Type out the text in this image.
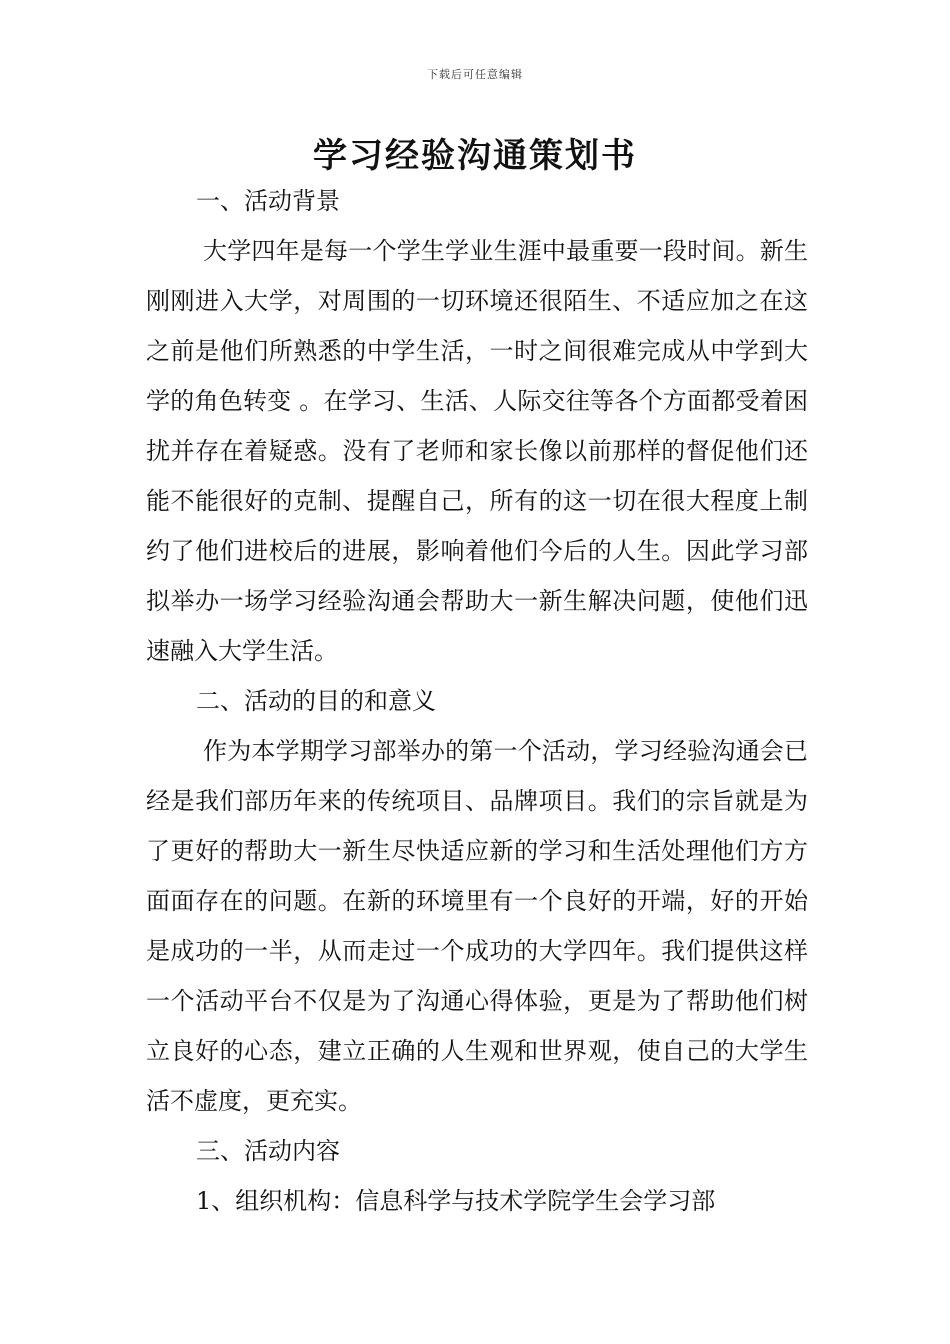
下载后可任意编辑
学习经验沟通策划书
一、活动背景

大学四年是每一个学生学业生涯中最重要一段时间。新生刚刚进入大学，对周围的一切环境还很陌生、不适应加之在这之前是他们所熟悉的中学生活，一时之间很难完成从中学到大学的角色转变 。在学习、生活、人际交往等各个方面都受着困扰并存在着疑惑。没有了老师和家长像以前那样的督促他们还能不能很好的克制、提醒自己，所有的这一切在很大程度上制约了他们进校后的进展，影响着他们今后的人生。因此学习部拟举办一场学习经验沟通会帮助大一新生解决问题，使他们迅速融入大学生活。

二、活动的目的和意义

作为本学期学习部举办的第一个活动，学习经验沟通会已经是我们部历年来的传统项目、品牌项目。我们的宗旨就是为了更好的帮助大一新生尽快适应新的学习和生活处理他们方方面面存在的问题。在新的环境里有一个良好的开端，好的开始是成功的一半，从而走过一个成功的大学四年。我们提供这样一个活动平台不仅是为了沟通心得体验，更是为了帮助他们树立良好的心态，建立正确的人生观和世界观，使自己的大学生活不虚度，更充实。

三、活动内容

1、组织机构：信息科学与技术学院学生会学习部
